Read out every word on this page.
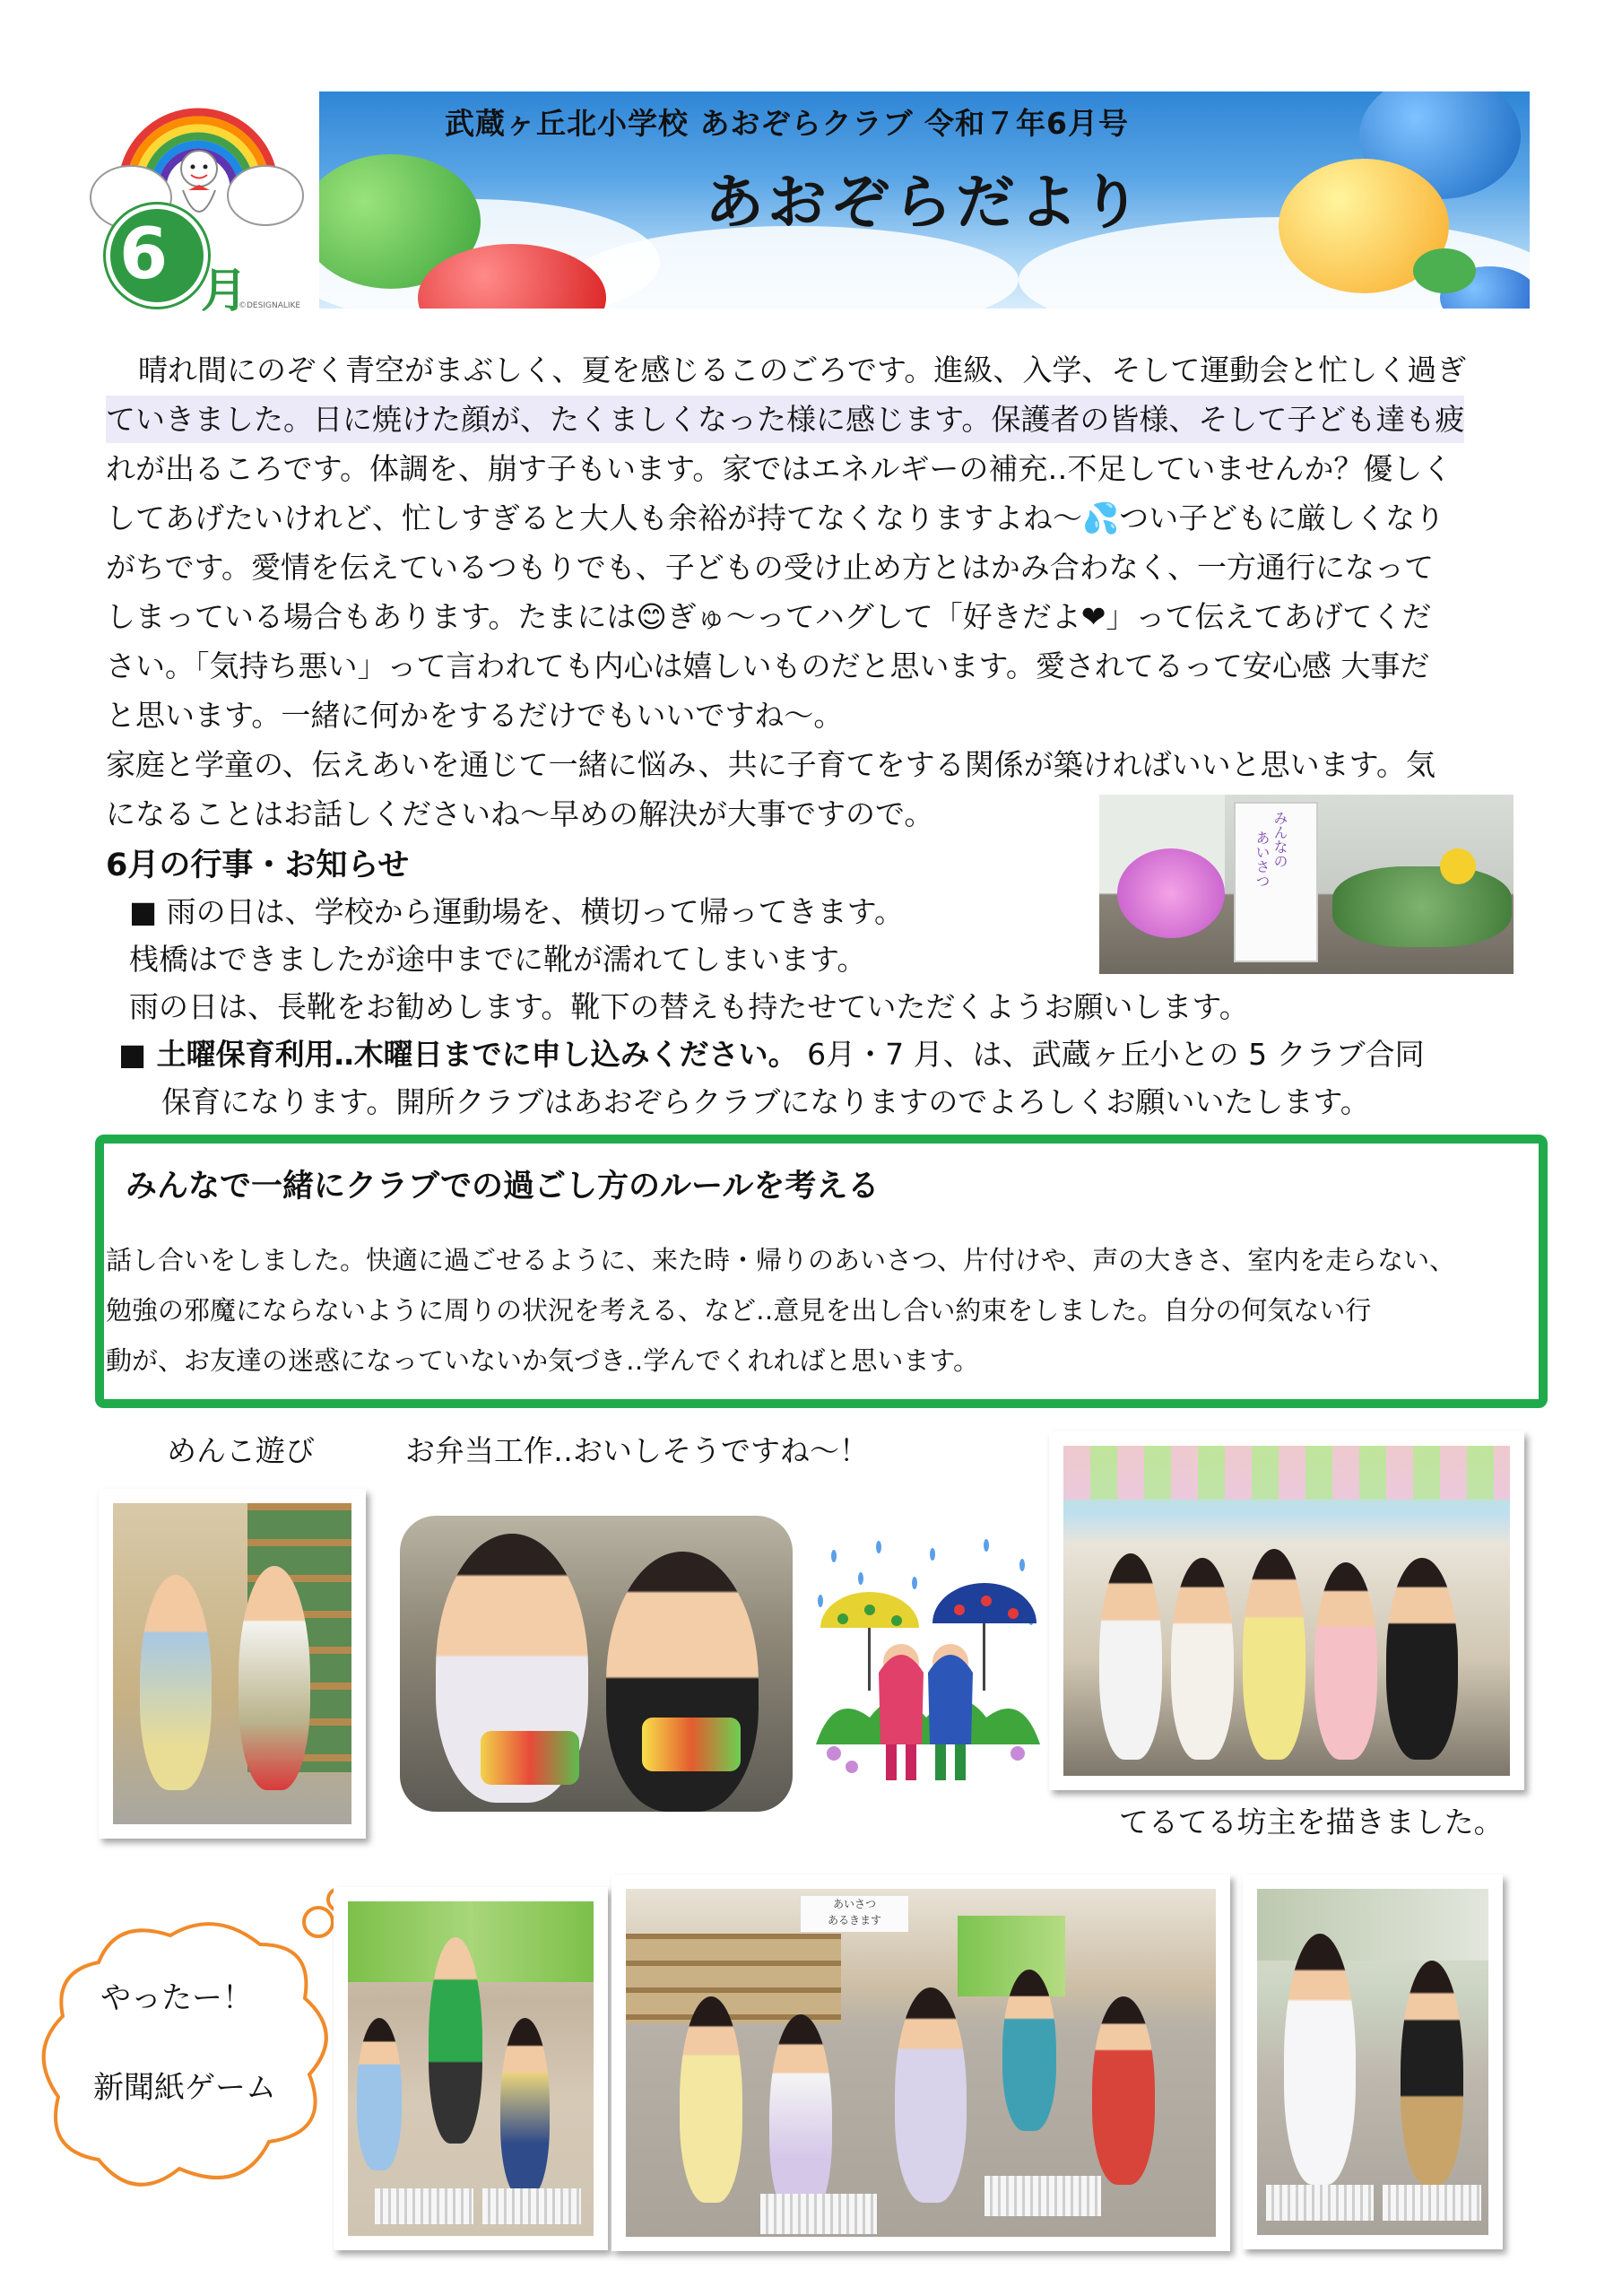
6 月
©DESIGNALIKE
武蔵ヶ丘北小学校 あおぞらクラブ 令和７年6月号
あおぞらだより
晴れ間にのぞく青空がまぶしく、夏を感じるこのごろです。進級、入学、そして運動会と忙しく過ぎ
ていきました。日に焼けた顔が、たくましくなった様に感じます。保護者の皆様、そして子ども達も疲
れが出るころです。体調を、崩す子もいます。家ではエネルギーの補充‥不足していませんか？優しく
してあげたいけれど、忙しすぎると大人も余裕が持てなくなりますよね～💦つい子どもに厳しくなり
がちです。愛情を伝えているつもりでも、子どもの受け止め方とはかみ合わなく、一方通行になって
しまっている場合もあります。たまには😊ぎゅ～ってハグして「好きだよ❤」って伝えてあげてくだ
さい。「気持ち悪い」って言われても内心は嬉しいものだと思います。愛されてるって安心感 大事だ
と思います。一緒に何かをするだけでもいいですね～。
家庭と学童の、伝えあいを通じて一緒に悩み、共に子育てをする関係が築ければいいと思います。気
になることはお話しくださいね～早めの解決が大事ですので。	みんなの
あいさつ
6月の行事・お知らせ
■ 雨の日は、学校から運動場を、横切って帰ってきます。
桟橋はできましたが途中までに靴が濡れてしまいます。
雨の日は、長靴をお勧めします。靴下の替えも持たせていただくようお願いします。
■ 土曜保育利用‥木曜日までに申し込みください。 6月・7 月、は、武蔵ヶ丘小との 5 クラブ合同
保育になります。開所クラブはあおぞらクラブになりますのでよろしくお願いいたします。
みんなで一緒にクラブでの過ごし方のルールを考える
話し合いをしました。快適に過ごせるように、来た時・帰りのあいさつ、片付けや、声の大きさ、室内を走らない、
勉強の邪魔にならないように周りの状況を考える、など‥意見を出し合い約束をしました。自分の何気ない行
動が、お友達の迷惑になっていないか気づき‥学んでくれればと思います。
めんこ遊び	お弁当工作‥おいしそうですね～！
てるてる坊主を描きました。
やったー！
新聞紙ゲーム
あいさつ
あるきます
